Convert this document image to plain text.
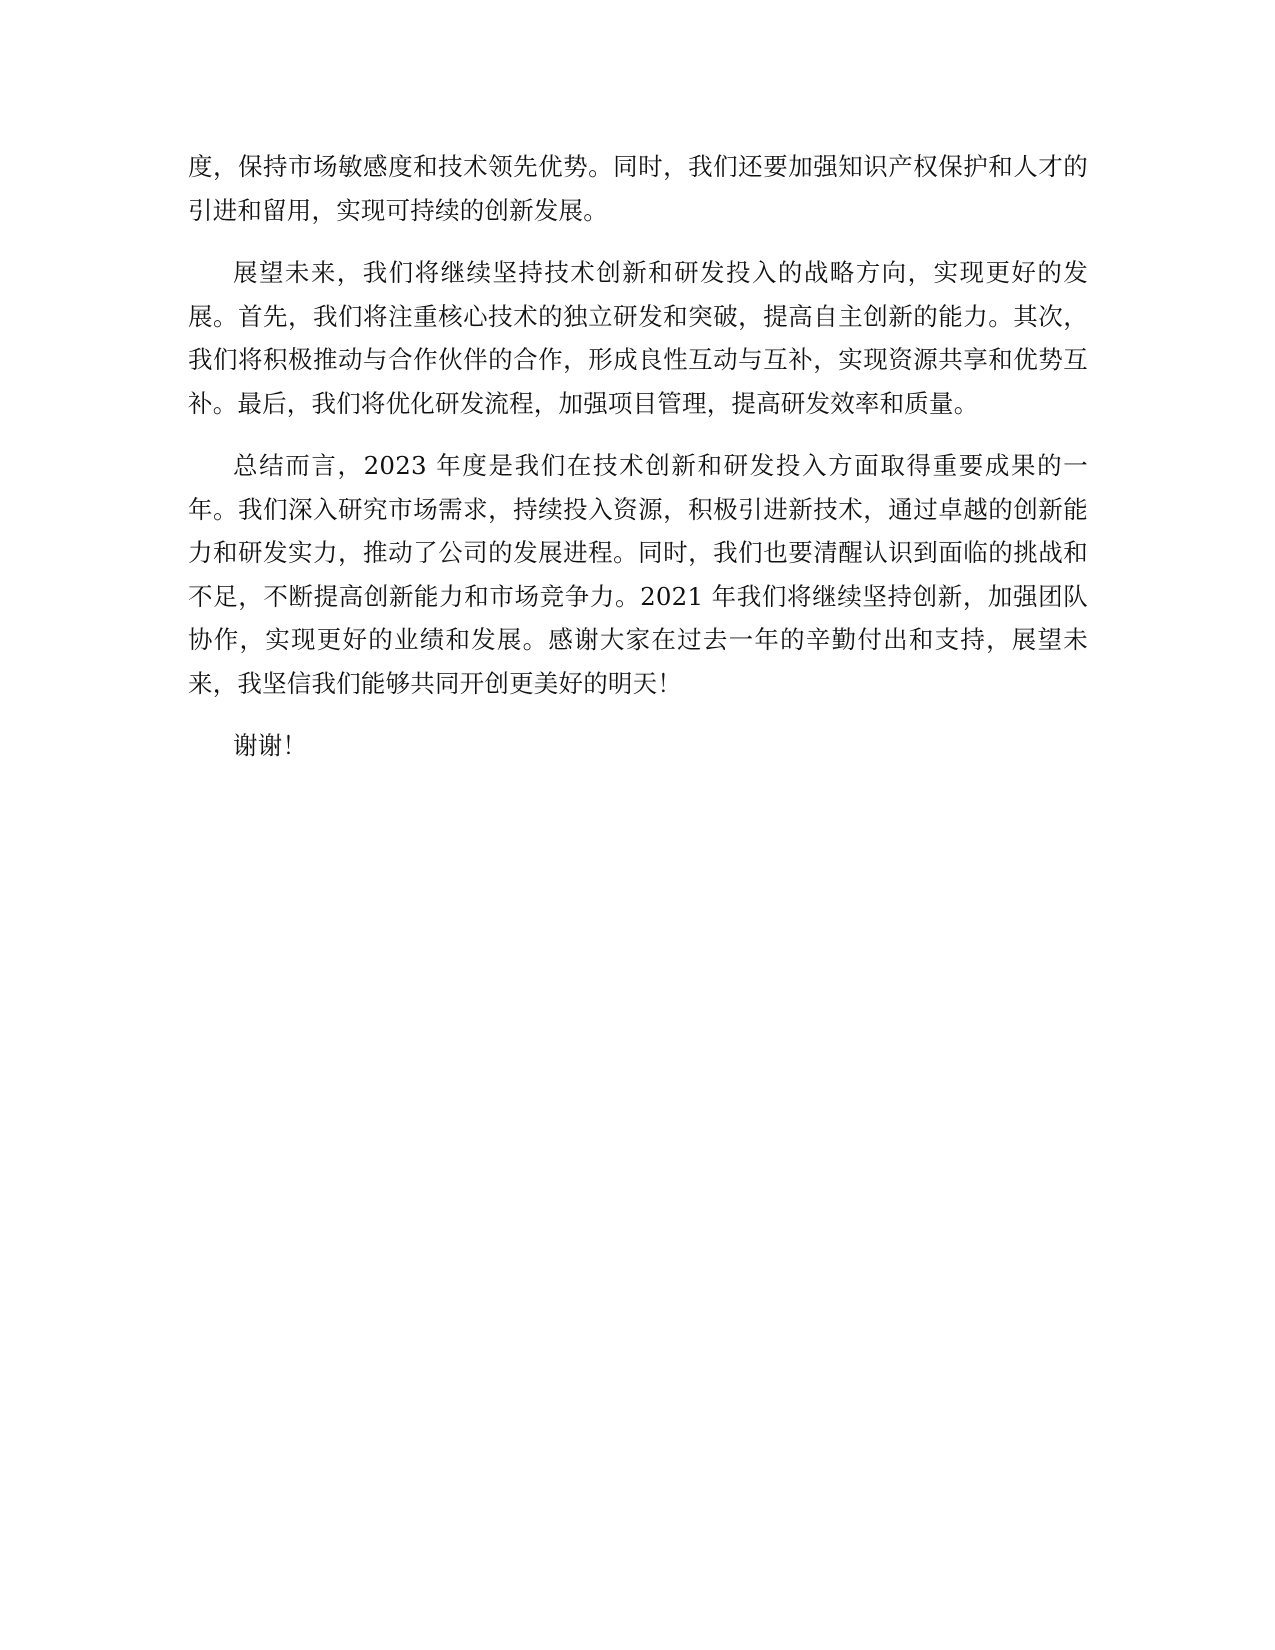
度，保持市场敏感度和技术领先优势。同时，我们还要加强知识产权保护和人才的引进和留用，实现可持续的创新发展。

展望未来，我们将继续坚持技术创新和研发投入的战略方向，实现更好的发展。首先，我们将注重核心技术的独立研发和突破，提高自主创新的能力。其次，我们将积极推动与合作伙伴的合作，形成良性互动与互补，实现资源共享和优势互补。最后，我们将优化研发流程，加强项目管理，提高研发效率和质量。

总结而言，2023 年度是我们在技术创新和研发投入方面取得重要成果的一年。我们深入研究市场需求，持续投入资源，积极引进新技术，通过卓越的创新能力和研发实力，推动了公司的发展进程。同时，我们也要清醒认识到面临的挑战和不足，不断提高创新能力和市场竞争力。2021 年我们将继续坚持创新，加强团队协作，实现更好的业绩和发展。感谢大家在过去一年的辛勤付出和支持，展望未来，我坚信我们能够共同开创更美好的明天！

谢谢！
